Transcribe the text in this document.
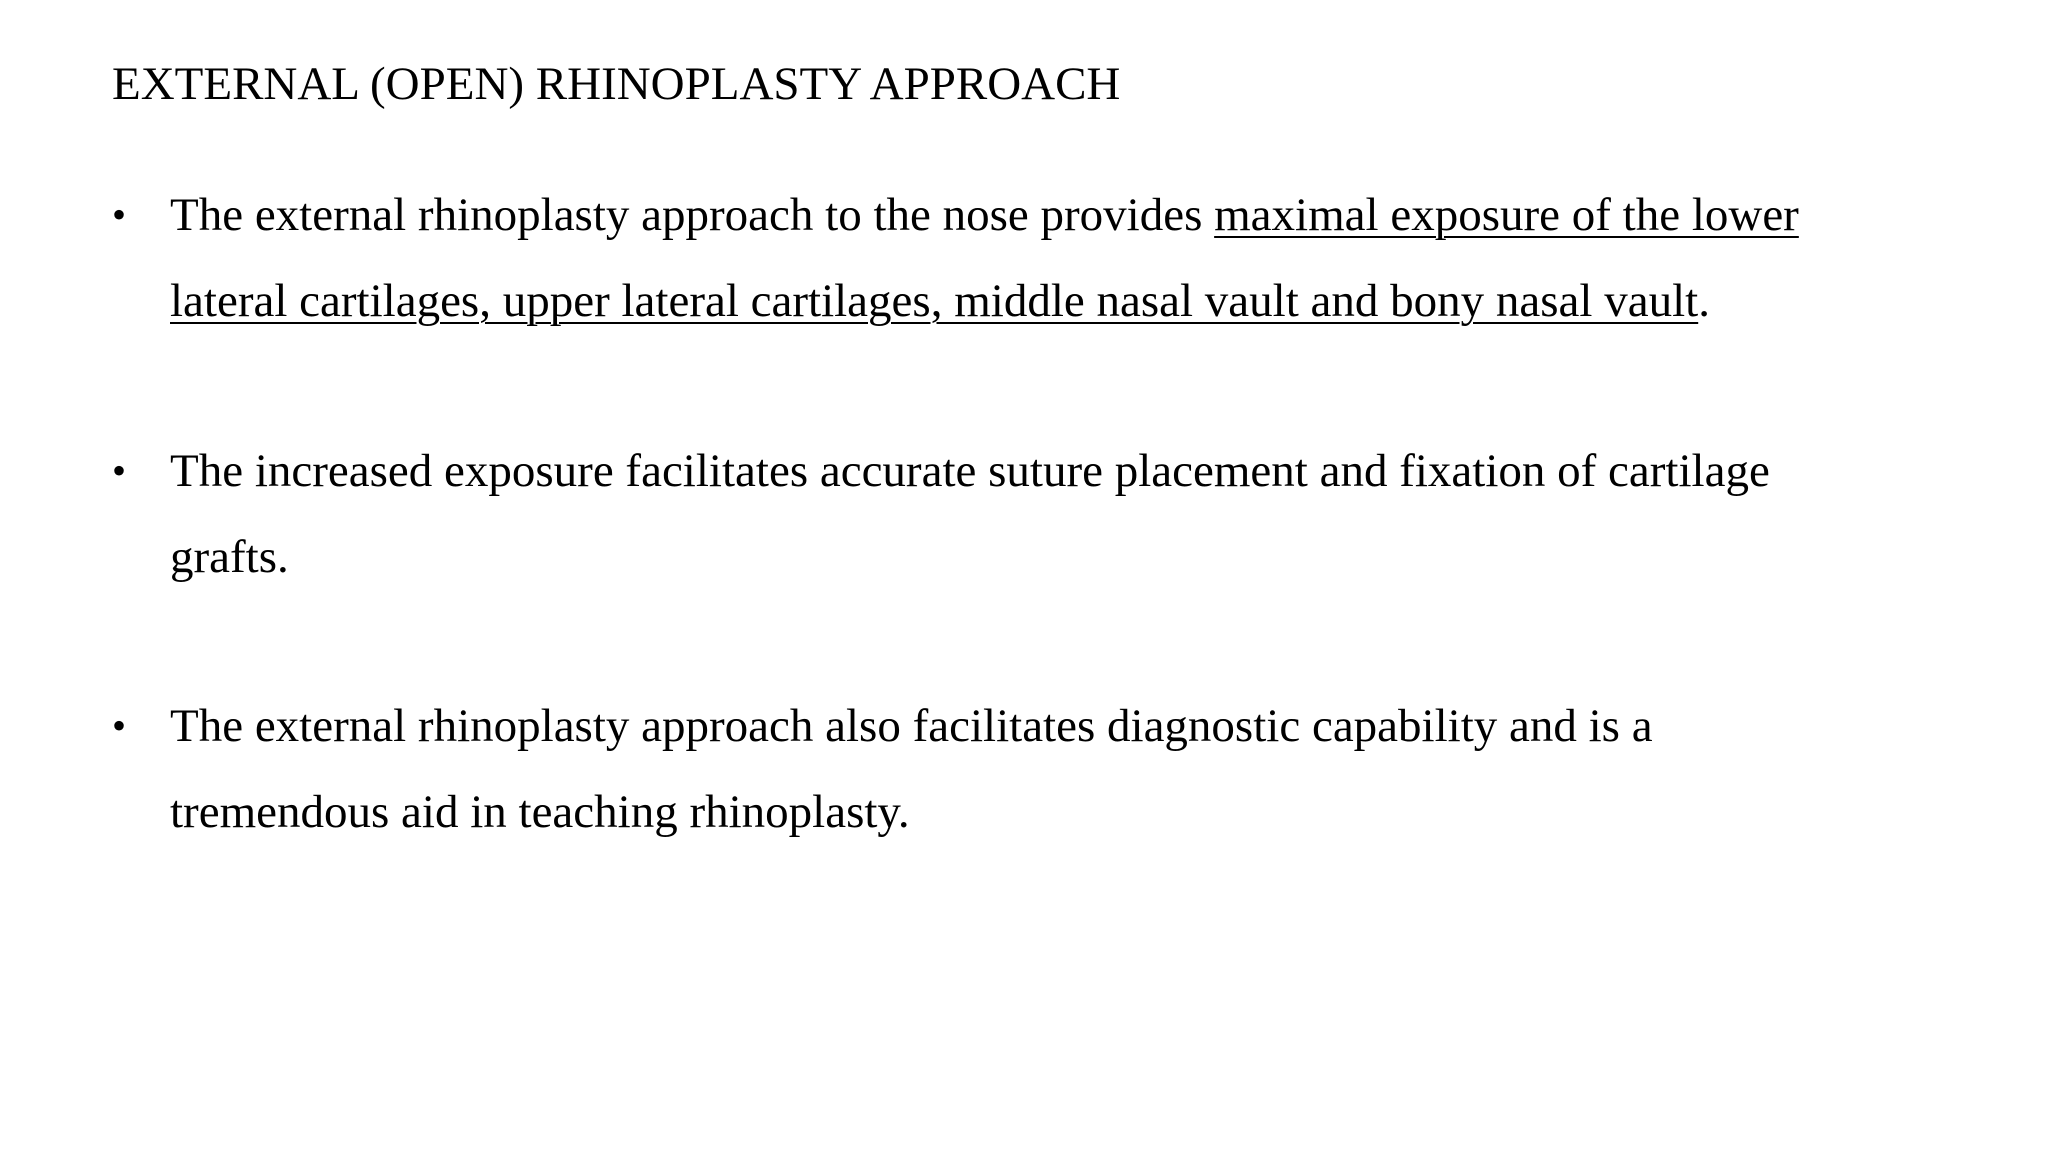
EXTERNAL (OPEN) RHINOPLASTY APPROACH
• The external rhinoplasty approach to the nose provides maximal exposure of the lower
lateral cartilages, upper lateral cartilages, middle nasal vault and bony nasal vault.
• The increased exposure facilitates accurate suture placement and fixation of cartilage
grafts.
• The external rhinoplasty approach also facilitates diagnostic capability and is a
tremendous aid in teaching rhinoplasty.
